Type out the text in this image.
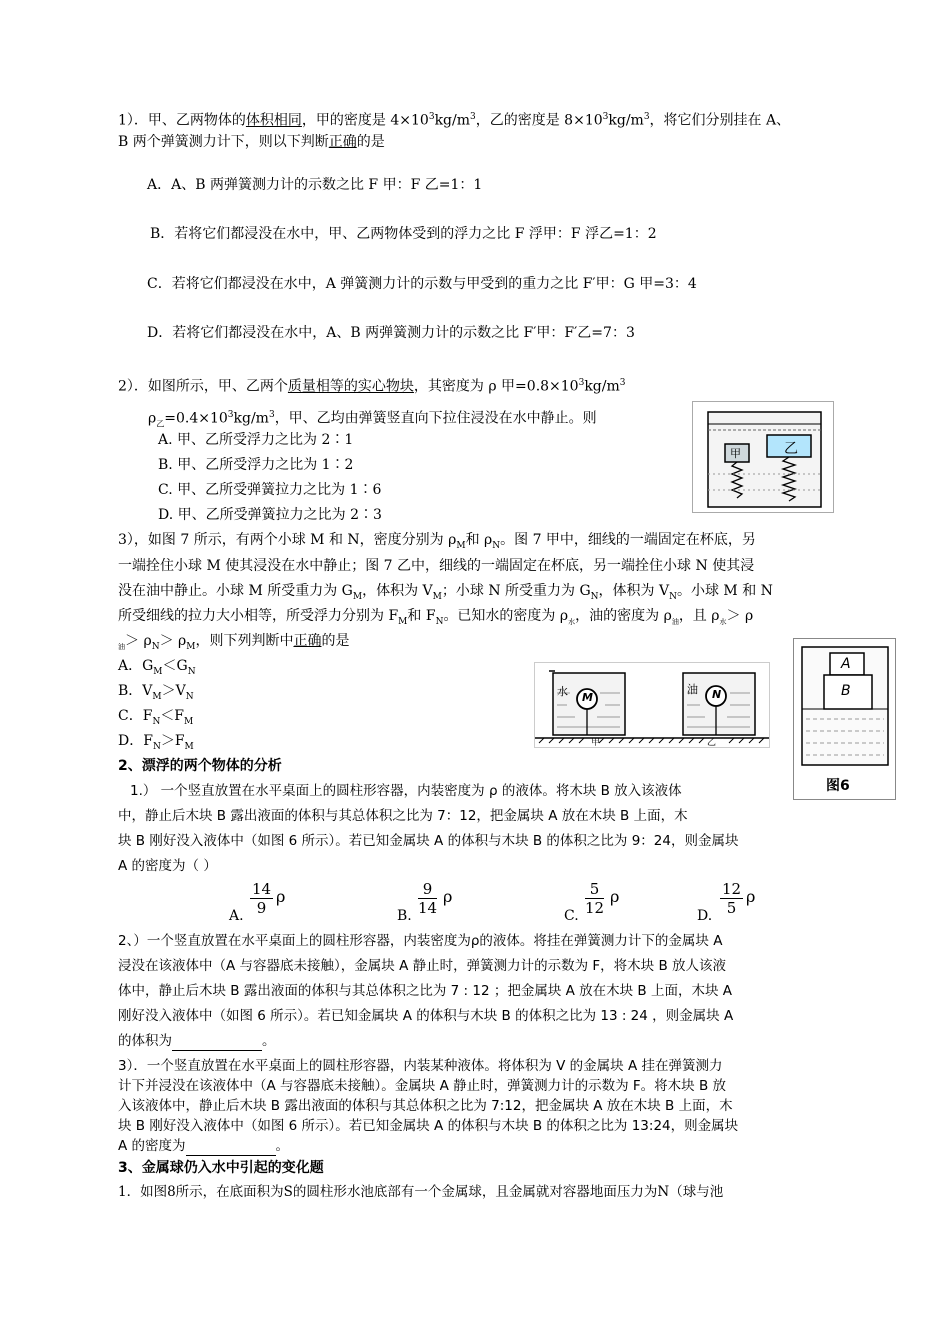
1）．甲、乙两物体的体积相同，甲的密度是 $4\times 10^3kg/m^3$，乙的密度是 $8\times 10^3kg/m^3$，将它们分别挂在 A、
B 两个弹簧测力计下，则以下判断正确的是
A．A、B 两弹簧测力计的示数之比 F 甲：F 乙=1：1
B．若将它们都浸没在水中，甲、乙两物体受到的浮力之比 F 浮甲：F 浮乙=1：2
C．若将它们都浸没在水中，A 弹簧测力计的示数与甲受到的重力之比 F′甲：G 甲=3：4
D．若将它们都浸没在水中，A、B 两弹簧测力计的示数之比 F′甲：F′乙=7：3
2）．如图所示，甲、乙两个质量相等的实心物块，其密度为 ρ 甲$=0.8\times 10^3kg/m^3$
$\rho_乙=0.4\times 10^3kg/m^3$，甲、乙均由弹簧竖直向下拉住浸没在水中静止。则
A. 甲、乙所受浮力之比为 2∶1
B. 甲、乙所受浮力之比为 1∶2
C. 甲、乙所受弹簧拉力之比为 1∶6
D. 甲、乙所受弹簧拉力之比为 2∶3
甲	乙
3），如图 7 所示，有两个小球 M 和 N，密度分别为 $\rho_M$和 $\rho_N$。图 7 甲中，细线的一端固定在杯底，另
一端拴住小球 M 使其浸没在水中静止；图 7 乙中，细线的一端固定在杯底，另一端拴住小球 N 使其浸
没在油中静止。小球 M 所受重力为 $G_M$，体积为 $V_M$；小球 N 所受重力为 $G_N$，体积为 $V_N$。小球 M 和 N
所受细线的拉力大小相等，所受浮力分别为 $F_M$和 $F_N$。已知水的密度为 $\rho_水$，油的密度为 $\rho_油$，且 $\rho_水> \rho$
$_油> \rho_N> \rho_M$，则下列判断中正确的是
A．$G_M<G_N$
B．$V_M>V_N$
C．$F_N<F_M$
D．$F_N>F_M$
水	油
M	N
甲	乙
A
B
图6
2、漂浮的两个物体的分析
1.） 一个竖直放置在水平桌面上的圆柱形容器，内装密度为 ρ 的液体。将木块 B 放入该液体
中，静止后木块 B 露出液面的体积与其总体积之比为 7：12，把金属块 A 放在木块 B 上面，木
块 B 刚好没入液体中（如图 6 所示）。若已知金属块 A 的体积与木块 B 的体积之比为 9：24，则金属块
A 的密度为（ ）
A. $\frac{14}{9}$ ρ
B. $\frac{9}{14}$ ρ
C. $\frac{5}{12}$ ρ
D. $\frac{12}{5}$ ρ
2、）一个竖直放置在水平桌面上的圆柱形容器，内装密度为ρ的液体。将挂在弹簧测力计下的金属块 A
浸没在该液体中（A 与容器底未接触），金属块 A 静止时，弹簧测力计的示数为 F，将木块 B 放人该液
体中，静止后木块 B 露出液面的体积与其总体积之比为 7 : 12 ；把金属块 A 放在木块 B 上面，木块 A
刚好没入液体中（如图 6 所示）。若已知金属块 A 的体积与木块 B 的体积之比为 13 : 24 ，则金属块 A
的体积为	。
3）．一个竖直放置在水平桌面上的圆柱形容器，内装某种液体。将体积为 V 的金属块 A 挂在弹簧测力
计下并浸没在该液体中（A 与容器底未接触）。金属块 A 静止时，弹簧测力计的示数为 F。将木块 B 放
入该液体中，静止后木块 B 露出液面的体积与其总体积之比为 7:12，把金属块 A 放在木块 B 上面，木
块 B 刚好没入液体中（如图 6 所示）。若已知金属块 A 的体积与木块 B 的体积之比为 13:24，则金属块
A 的密度为	。
3、金属球仍入水中引起的变化题
1．如图8所示，在底面积为S的圆柱形水池底部有一个金属球，且金属就对容器地面压力为N（球与池
